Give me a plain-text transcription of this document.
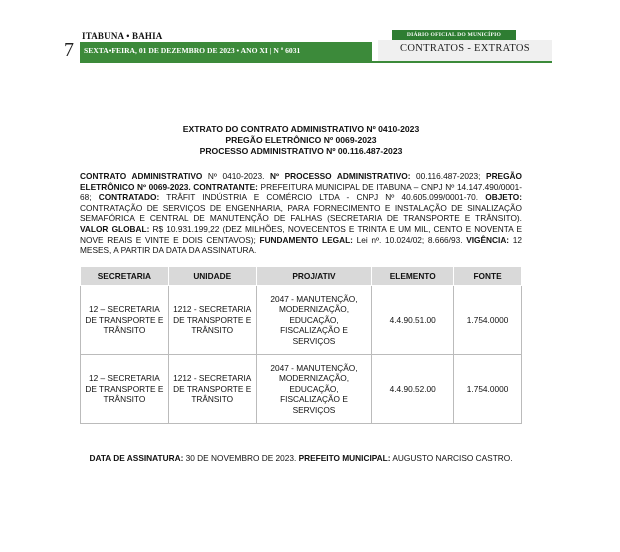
7
ITABUNA • BAHIA
SEXTA•FEIRA, 01 DE DEZEMBRO DE 2023 • ANO XI | N º 6031
DIÁRIO OFICIAL DO MUNICÍPIO
CONTRATOS - EXTRATOS
EXTRATO DO CONTRATO ADMINISTRATIVO Nº 0410-2023
PREGÃO ELETRÔNICO Nº 0069-2023
PROCESSO ADMINISTRATIVO Nº 00.116.487-2023
CONTRATO ADMINISTRATIVO Nº 0410-2023. Nº PROCESSO ADMINISTRATIVO: 00.116.487-2023; PREGÃO ELETRÔNICO Nº 0069-2023. CONTRATANTE: PREFEITURA MUNICIPAL DE ITABUNA – CNPJ Nº 14.147.490/0001-68; CONTRATADO: TRÂFIT INDÚSTRIA E COMÉRCIO LTDA - CNPJ Nº 40.605.099/0001-70. OBJETO: CONTRATAÇÃO DE SERVIÇOS DE ENGENHARIA, PARA FORNECIMENTO E INSTALAÇÃO DE SINALIZAÇÃO SEMAFÓRICA E CENTRAL DE MANUTENÇÃO DE FALHAS (SECRETARIA DE TRANSPORTE E TRÂNSITO). VALOR GLOBAL: R$ 10.931.199,22 (DEZ MILHÕES, NOVECENTOS E TRINTA E UM MIL, CENTO E NOVENTA E NOVE REAIS E VINTE E DOIS CENTAVOS); FUNDAMENTO LEGAL: Lei nº. 10.024/02; 8.666/93. VIGÊNCIA: 12 MESES, A PARTIR DA DATA DA ASSINATURA.
SECRETARIA	UNIDADE	PROJ/ATIV	ELEMENTO	FONTE
12 – SECRETARIA DE TRANSPORTE E TRÂNSITO	1212 - SECRETARIA DE TRANSPORTE E TRÂNSITO	2047 - MANUTENÇÃO, MODERNIZAÇÃO, EDUCAÇÃO, FISCALIZAÇÃO E SERVIÇOS	4.4.90.51.00	1.754.0000
12 – SECRETARIA DE TRANSPORTE E TRÂNSITO	1212 - SECRETARIA DE TRANSPORTE E TRÂNSITO	2047 - MANUTENÇÃO, MODERNIZAÇÃO, EDUCAÇÃO, FISCALIZAÇÃO E SERVIÇOS	4.4.90.52.00	1.754.0000
DATA DE ASSINATURA: 30 DE NOVEMBRO DE 2023. PREFEITO MUNICIPAL: AUGUSTO NARCISO CASTRO.
